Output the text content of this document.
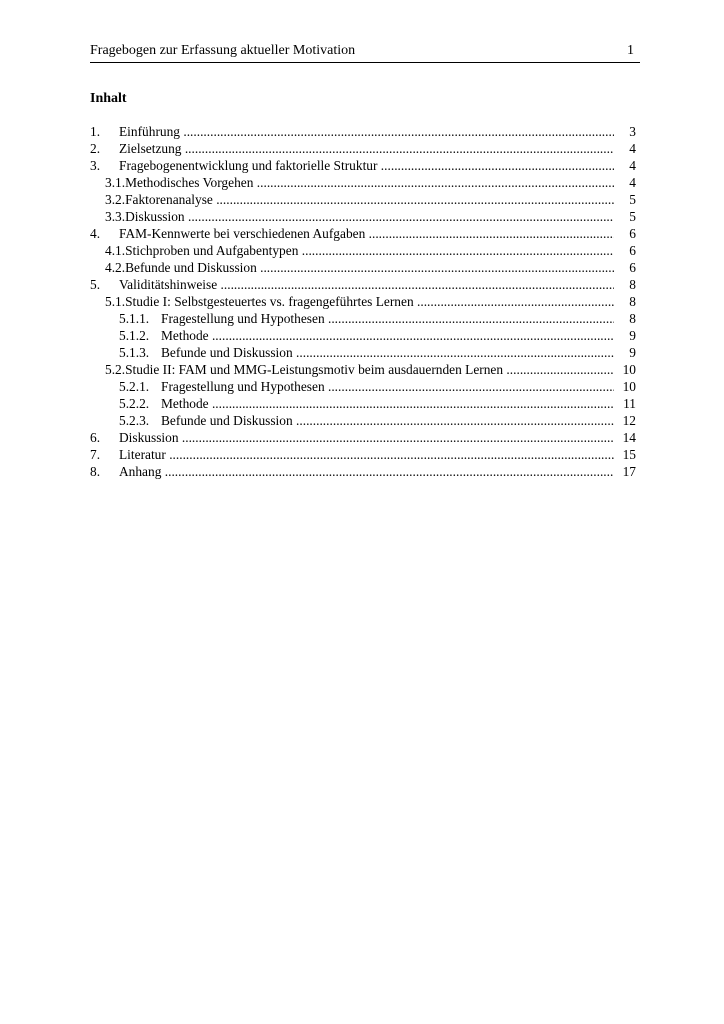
Fragebogen zur Erfassung aktueller Motivation	1
Inhalt
1. Einführung .....	3
2. Zielsetzung .....	4
3. Fragebogenentwicklung und faktorielle Struktur .....	4
3.1.Methodisches Vorgehen .....	4
3.2.Faktorenanalyse .....	5
3.3.Diskussion .....	5
4. FAM-Kennwerte bei verschiedenen Aufgaben .....	6
4.1.Stichproben und Aufgabentypen .....	6
4.2.Befunde und Diskussion .....	6
5. Validitätshinweise .....	8
5.1.Studie I: Selbstgesteuertes vs. fragengeführtes Lernen .....	8
5.1.1. Fragestellung und Hypothesen .....	8
5.1.2. Methode .....	9
5.1.3. Befunde und Diskussion .....	9
5.2.Studie II: FAM und MMG-Leistungsmotiv beim ausdauernden Lernen .....	10
5.2.1. Fragestellung und Hypothesen .....	10
5.2.2. Methode .....	11
5.2.3. Befunde und Diskussion .....	12
6. Diskussion .....	14
7. Literatur .....	15
8. Anhang .....	17
